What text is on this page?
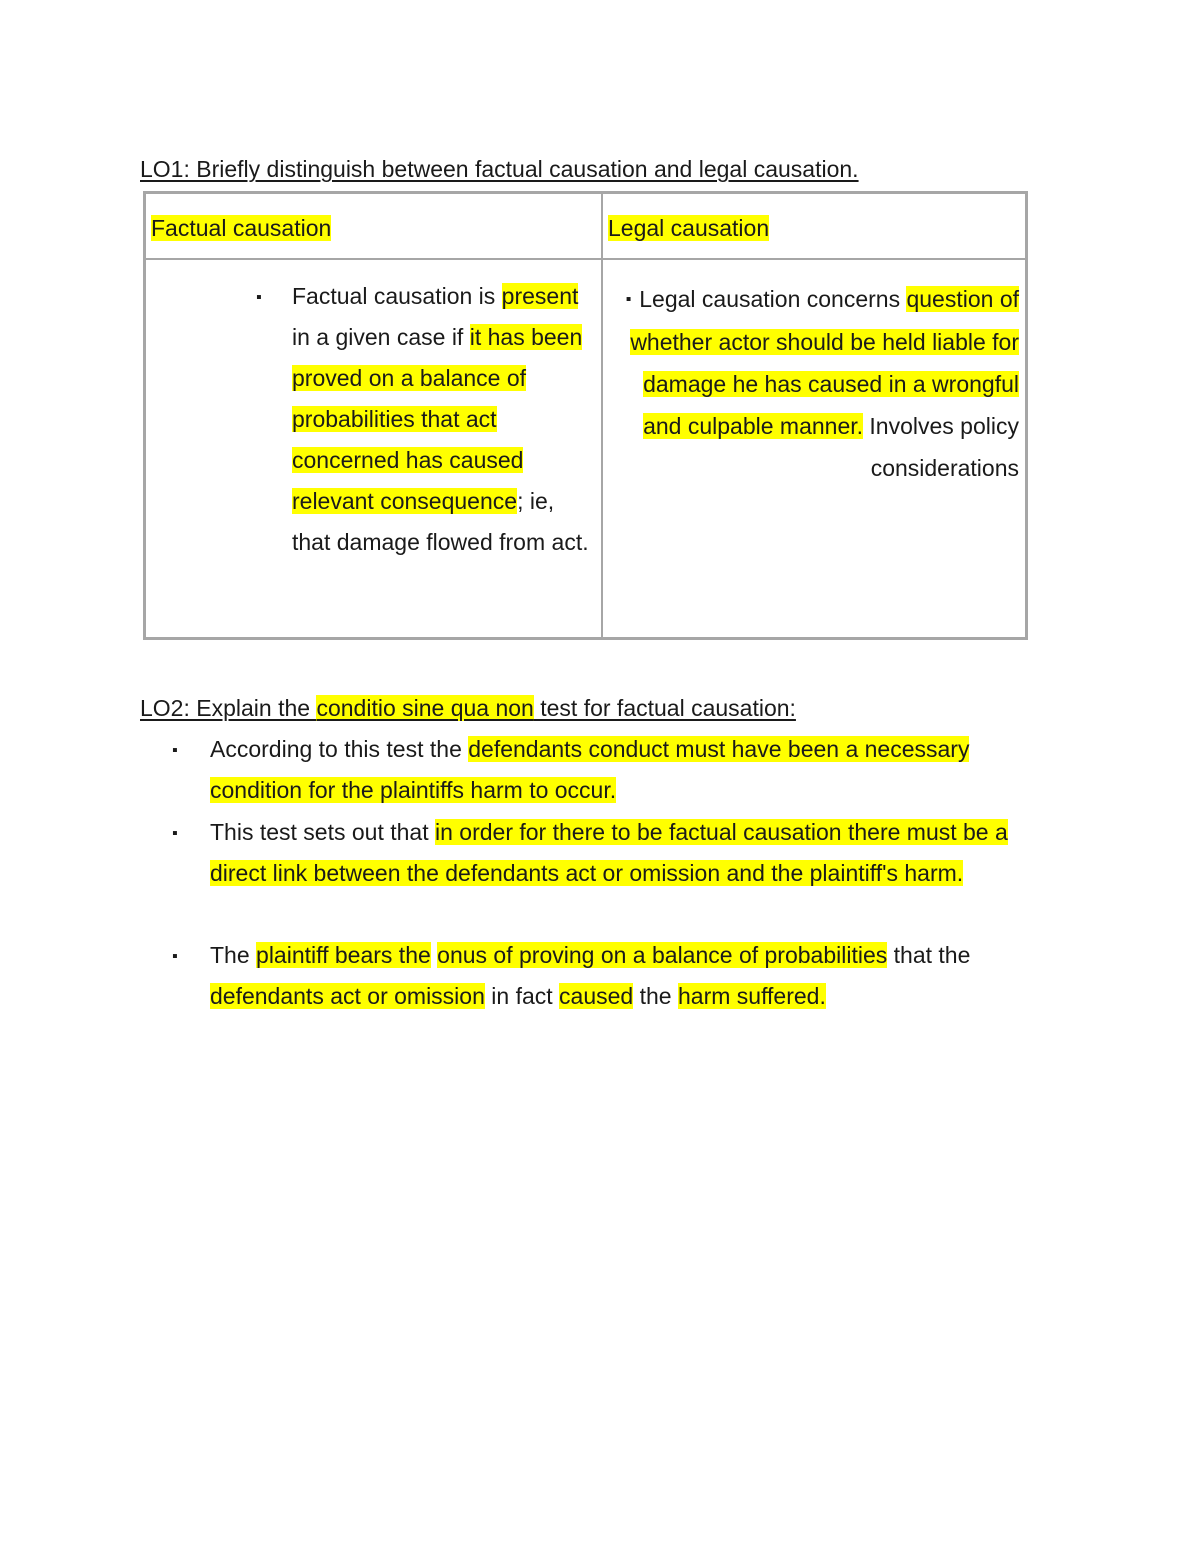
LO1: Briefly distinguish between factual causation and legal causation.
Factual causation	Legal causation
▪ Factual causation is present in a given case if it has been proved on a balance of probabilities that act concerned has caused relevant consequence; ie, that damage flowed from act.
▪ Legal causation concerns question of whether actor should be held liable for damage he has caused in a wrongful and culpable manner. Involves policy considerations
LO2: Explain the conditio sine qua non test for factual causation:
▪ According to this test the defendants conduct must have been a necessary condition for the plaintiffs harm to occur.
▪ This test sets out that in order for there to be factual causation there must be a direct link between the defendants act or omission and the plaintiff's harm.
▪ The plaintiff bears the onus of proving on a balance of probabilities that the defendants act or omission in fact caused the harm suffered.
